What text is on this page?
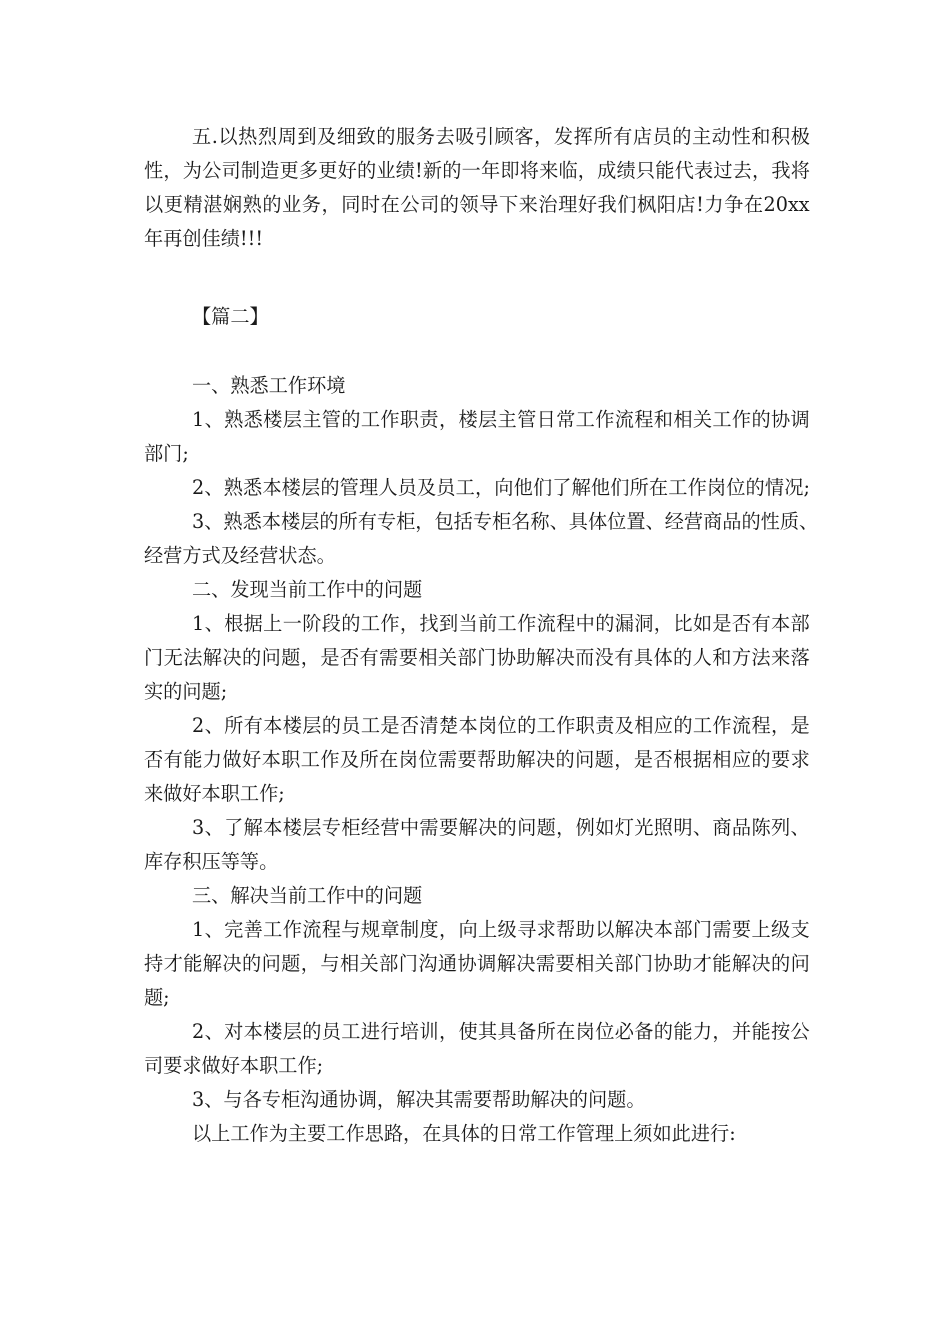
五 . 以 热 烈 周 到 及 细 致 的 服 务 去 吸 引 顾 客 ， 发 挥 所 有 店 员 的 主 动 性 和 积 极
性 ， 为 公 司 制 造 更 多 更 好 的 业 绩 ! 新 的 一 年 即 将 来 临 ， 成 绩 只 能 代 表 过 去 ， 我 将
以 更 精 湛 娴 熟 的 业 务 ， 同 时 在 公 司 的 领 导 下 来 治 理 好 我 们 枫 阳 店 ! 力 争 在 20xx
年再创佳绩!!!
【篇二】
一、熟悉工作环境
1 、 熟 悉 楼 层 主 管 的 工 作 职 责 ， 楼 层 主 管 日 常 工 作 流 程 和 相 关 工 作 的 协 调
部门;
2 、 熟 悉 本 楼 层 的 管 理 人 员 及 员 工 ， 向 他 们 了 解 他 们 所 在 工 作 岗 位 的 情 况 ;
3 、 熟 悉 本 楼 层 的 所 有 专 柜 ， 包 括 专 柜 名 称 、 具 体 位 置 、 经 营 商 品 的 性 质 、
经营方式及经营状态。
二、发现当前工作中的问题
1 、 根 据 上 一 阶 段 的 工 作 ， 找 到 当 前 工 作 流 程 中 的 漏 洞 ， 比 如 是 否 有 本 部
门 无 法 解 决 的 问 题 ， 是 否 有 需 要 相 关 部 门 协 助 解 决 而 没 有 具 体 的 人 和 方 法 来 落
实的问题;
2 、 所 有 本 楼 层 的 员 工 是 否 清 楚 本 岗 位 的 工 作 职 责 及 相 应 的 工 作 流 程 ， 是
否 有 能 力 做 好 本 职 工 作 及 所 在 岗 位 需 要 帮 助 解 决 的 问 题 ， 是 否 根 据 相 应 的 要 求
来做好本职工作;
3 、 了 解 本 楼 层 专 柜 经 营 中 需 要 解 决 的 问 题 ， 例 如 灯 光 照 明 、 商 品 陈 列 、
库存积压等等。
三、解决当前工作中的问题
1 、 完 善 工 作 流 程 与 规 章 制 度 ， 向 上 级 寻 求 帮 助 以 解 决 本 部 门 需 要 上 级 支
持 才 能 解 决 的 问 题 ， 与 相 关 部 门 沟 通 协 调 解 决 需 要 相 关 部 门 协 助 才 能 解 决 的 问
题;
2 、 对 本 楼 层 的 员 工 进 行 培 训 ， 使 其 具 备 所 在 岗 位 必 备 的 能 力 ， 并 能 按 公
司要求做好本职工作;
3、与各专柜沟通协调，解决其需要帮助解决的问题。
以上工作为主要工作思路，在具体的日常工作管理上须如此进行:
